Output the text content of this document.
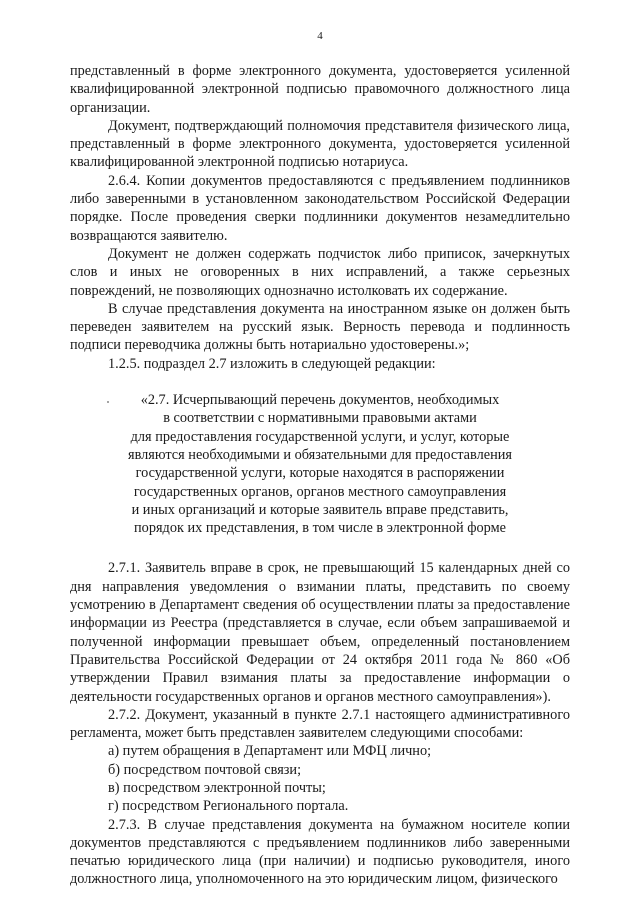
4

представленный в форме электронного документа, удостоверяется усиленной квалифицированной электронной подписью правомочного должностного лица организации.

Документ, подтверждающий полномочия представителя физического лица, представленный в форме электронного документа, удостоверяется усиленной квалифицированной электронной подписью нотариуса.

2.6.4. Копии документов предоставляются с предъявлением подлинников либо заверенными в установленном законодательством Российской Федерации порядке. После проведения сверки подлинники документов незамедлительно возвращаются заявителю.

Документ не должен содержать подчисток либо приписок, зачеркнутых слов и иных не оговоренных в них исправлений, а также серьезных повреждений, не позволяющих однозначно истолковать их содержание.

В случае представления документа на иностранном языке он должен быть переведен заявителем на русский язык. Верность перевода и подлинность подписи переводчика должны быть нотариально удостоверены.»;

1.2.5. подраздел 2.7 изложить в следующей редакции:

«2.7. Исчерпывающий перечень документов, необходимых
в соответствии с нормативными правовыми актами
для предоставления государственной услуги, и услуг, которые
являются необходимыми и обязательными для предоставления
государственной услуги, которые находятся в распоряжении
государственных органов, органов местного самоуправления
и иных организаций и которые заявитель вправе представить,
порядок их представления, в том числе в электронной форме

2.7.1. Заявитель вправе в срок, не превышающий 15 календарных дней со дня направления уведомления о взимании платы, представить по своему усмотрению в Департамент сведения об осуществлении платы за предоставление информации из Реестра (представляется в случае, если объем запрашиваемой и полученной информации превышает объем, определенный постановлением Правительства Российской Федерации от 24 октября 2011 года № 860 «Об утверждении Правил взимания платы за предоставление информации о деятельности государственных органов и органов местного самоуправления»).

2.7.2. Документ, указанный в пункте 2.7.1 настоящего административного регламента, может быть представлен заявителем следующими способами:

а) путем обращения в Департамент или МФЦ лично;

б) посредством почтовой связи;

в) посредством электронной почты;

г) посредством Регионального портала.

2.7.3. В случае представления документа на бумажном носителе копии документов представляются с предъявлением подлинников либо заверенными печатью юридического лица (при наличии) и подписью руководителя, иного должностного лица, уполномоченного на это юридическим лицом, физического
